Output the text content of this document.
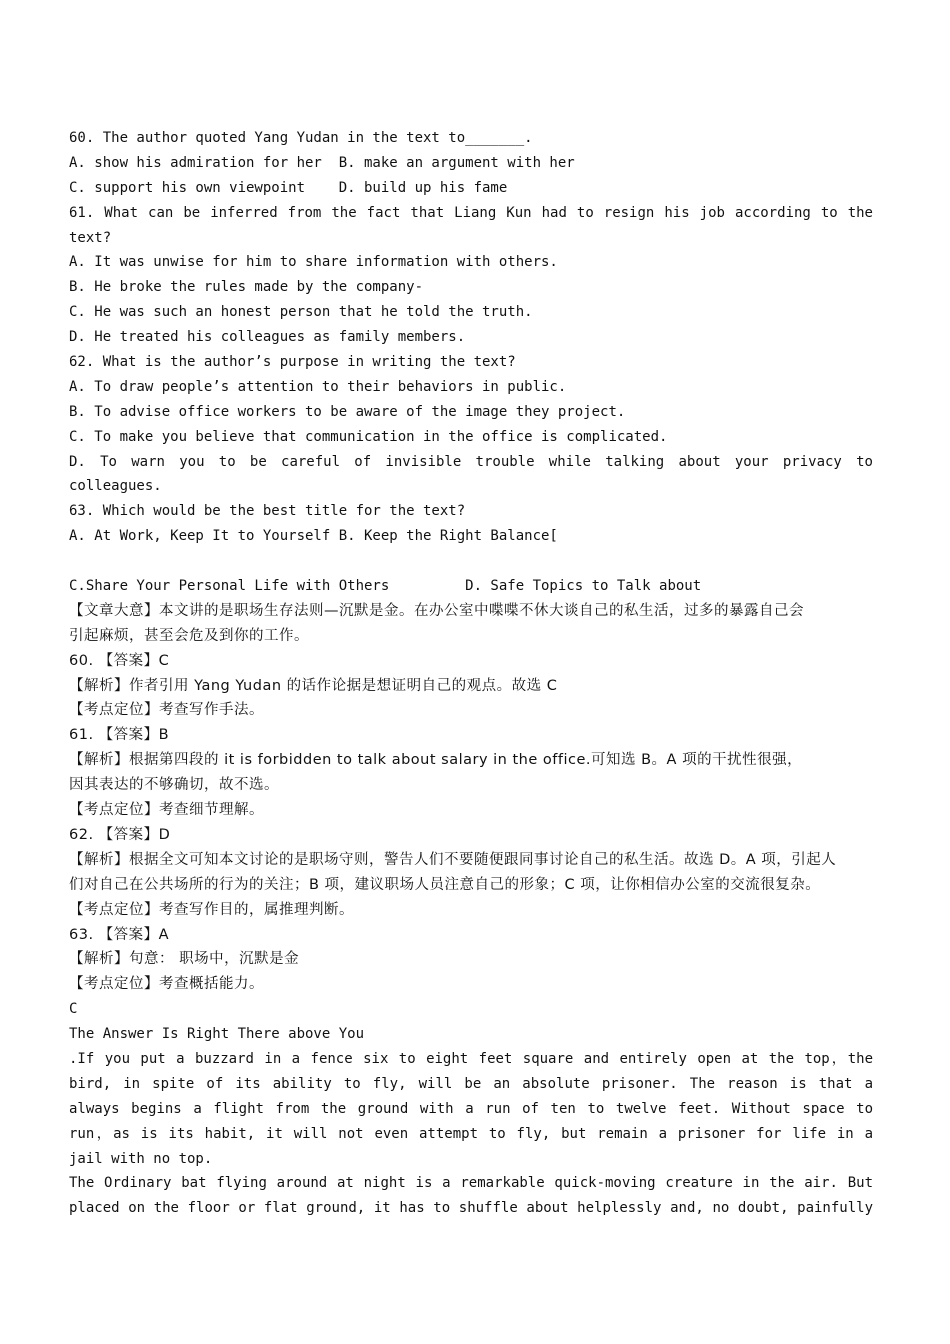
60. The author quoted Yang Yudan in the text to_______.
A. show his admiration for her  B. make an argument with her
C. support his own viewpoint    D. build up his fame
61. What can be inferred from the fact that Liang Kun had to resign his job according to the
text?
A. It was unwise for him to share information with others.
B. He broke the rules made by the company-
C. He was such an honest person that he told the truth.
D. He treated his colleagues as family members.
62. What is the author’s purpose in writing the text?
A. To draw people’s attention to their behaviors in public.
B. To advise office workers to be aware of the image they project.
C. To make you believe that communication in the office is complicated.
D. To warn you to be careful of invisible trouble while talking about your privacy to
colleagues.
63. Which would be the best title for the text?
A. At Work, Keep It to Yourself B. Keep the Right Balance[
C.Share Your Personal Life with Others         D. Safe Topics to Talk about
【文章大意】本文讲的是职场生存法则—沉默是金。在办公室中喋喋不休大谈自己的私生活，过多的暴露自己会
引起麻烦，甚至会危及到你的工作。
60. 【答案】C
【解析】作者引用 Yang Yudan 的话作论据是想证明自己的观点。故选 C
【考点定位】考查写作手法。
61. 【答案】B
【解析】根据第四段的 it is forbidden to talk about salary in the office.可知选 B。A 项的干扰性很强，
因其表达的不够确切，故不选。
【考点定位】考查细节理解。
62. 【答案】D
【解析】根据全文可知本文讨论的是职场守则，警告人们不要随便跟同事讨论自己的私生活。故选 D。A 项，引起人
们对自己在公共场所的行为的关注；B 项，建议职场人员注意自己的形象；C 项，让你相信办公室的交流很复杂。
【考点定位】考查写作目的，属推理判断。
63. 【答案】A
【解析】句意： 职场中，沉默是金
【考点定位】考查概括能力。
C
The Answer Is Right There above You
.If you put a buzzard in a fence six to eight feet square and entirely open at the top，the
bird, in spite of its ability to fly, will be an absolute prisoner. The reason is that a
always begins a flight from the ground with a run of ten to twelve feet. Without space to
run，as is its habit, it will not even attempt to fly, but remain a prisoner for life in a
jail with no top.
The Ordinary bat flying around at night is a remarkable quick-moving creature in the air. But
placed on the floor or flat ground, it has to shuffle about helplessly and, no doubt, painfully
